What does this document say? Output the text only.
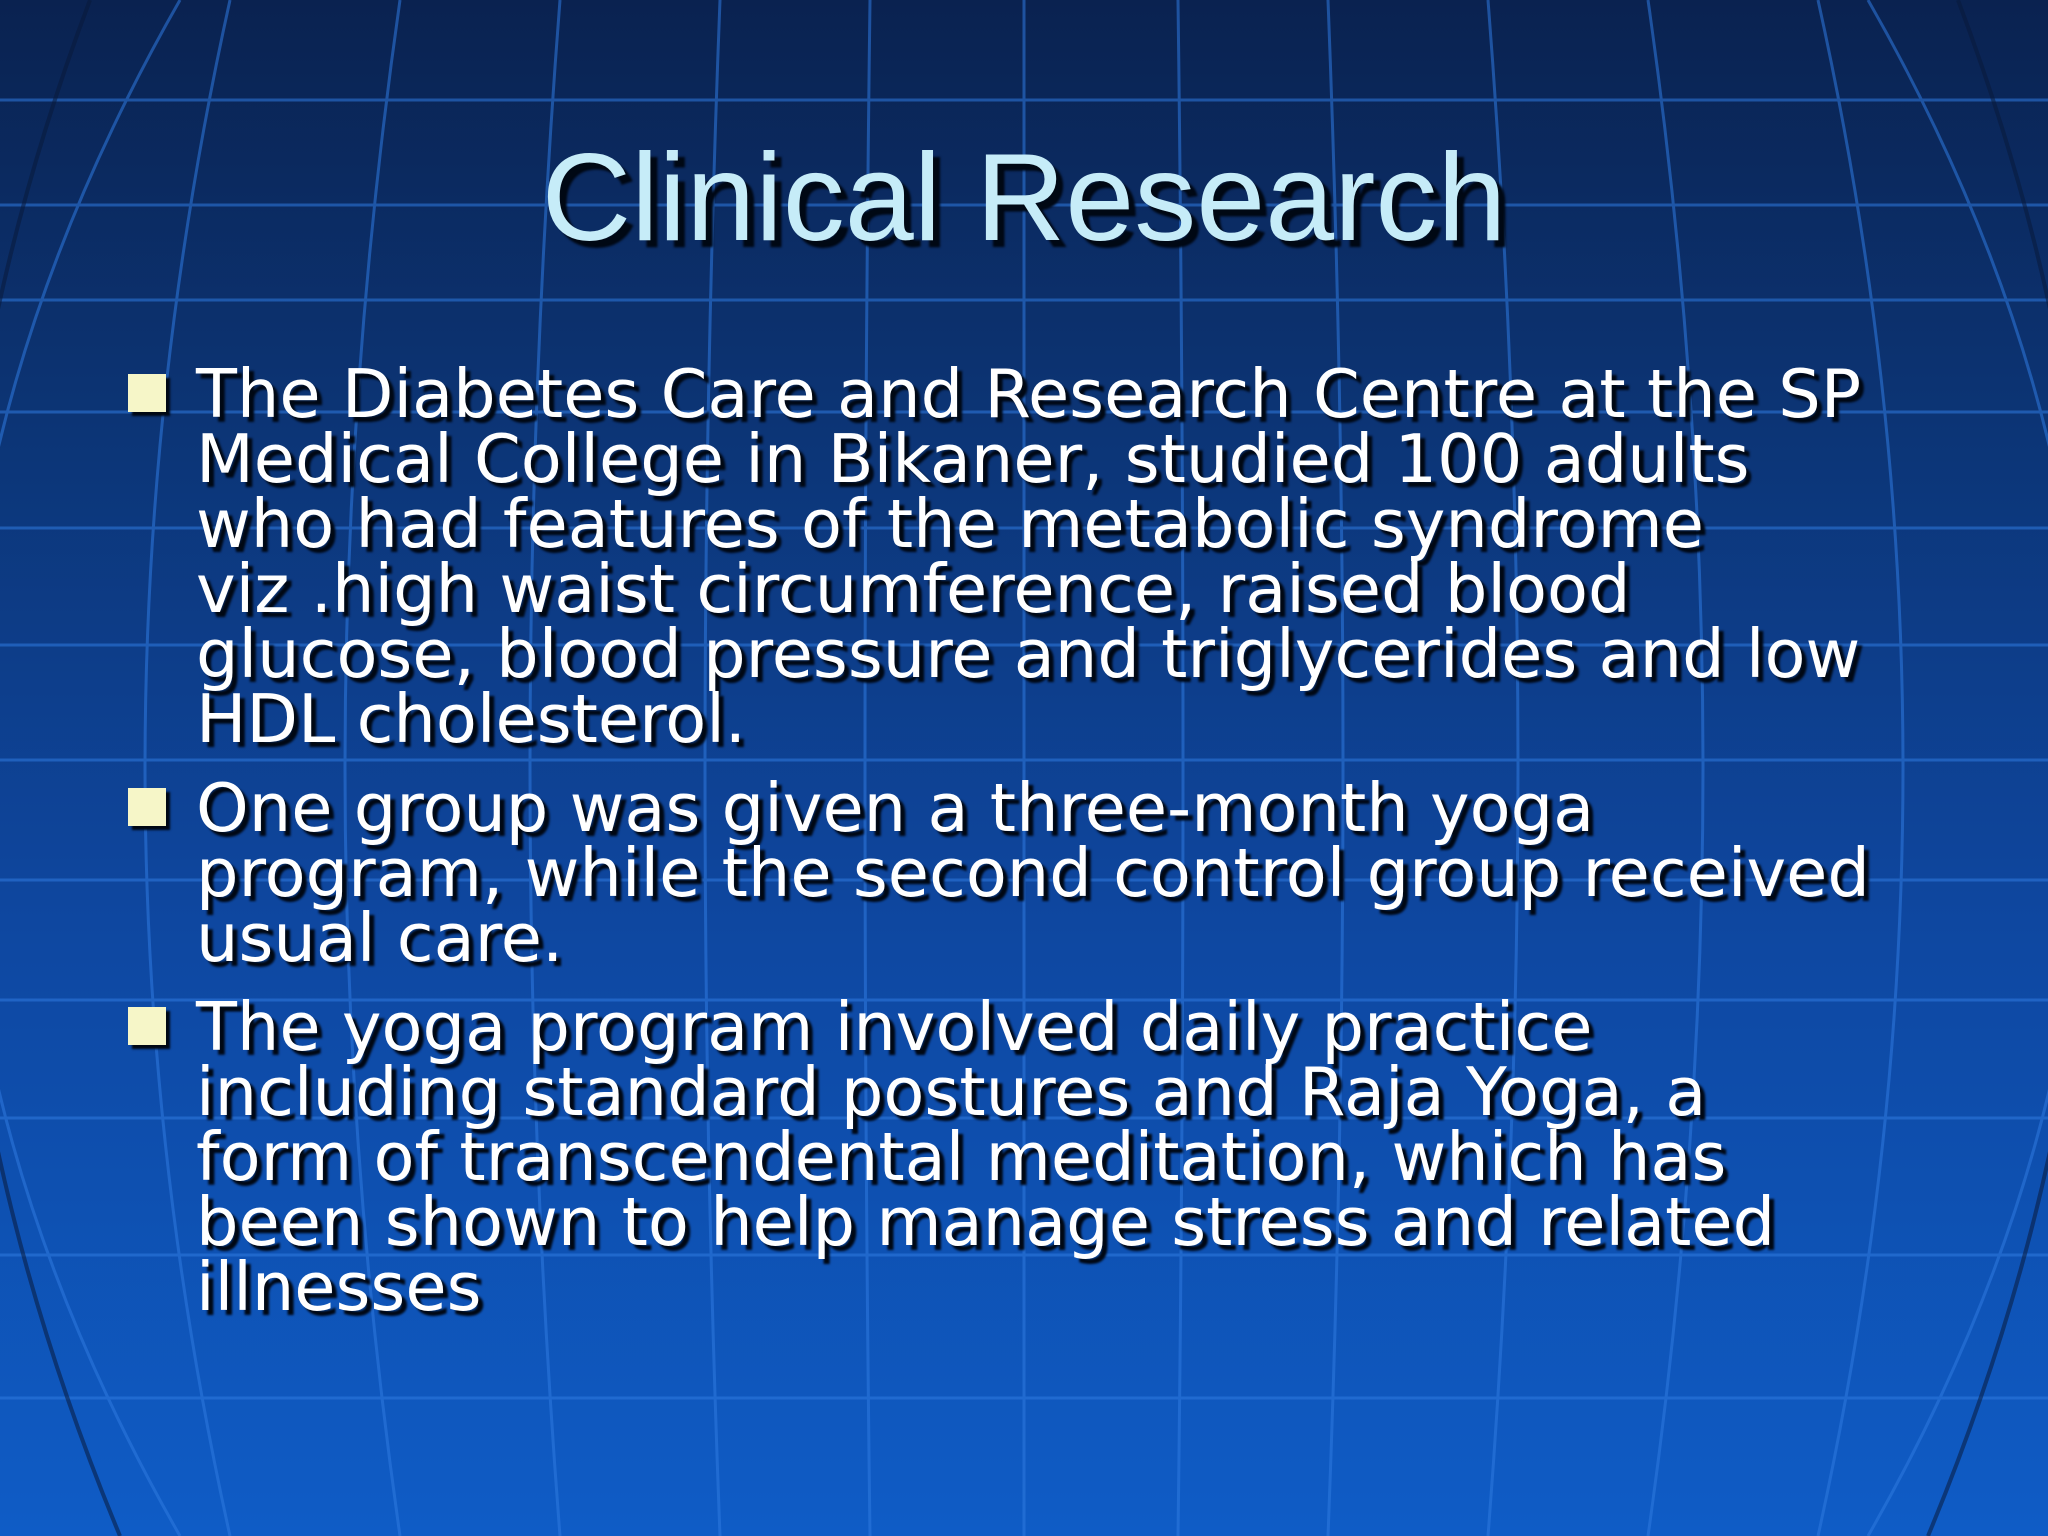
Clinical Research
The Diabetes Care and Research Centre at the SP
Medical College in Bikaner, studied 100 adults
who had features of the metabolic syndrome
viz .high waist circumference, raised blood
glucose, blood pressure and triglycerides and low
HDL cholesterol.
One group was given a three-month yoga
program, while the second control group received
usual care.
The yoga program involved daily practice
including standard postures and Raja Yoga, a
form of transcendental meditation, which has
been shown to help manage stress and related
illnesses
